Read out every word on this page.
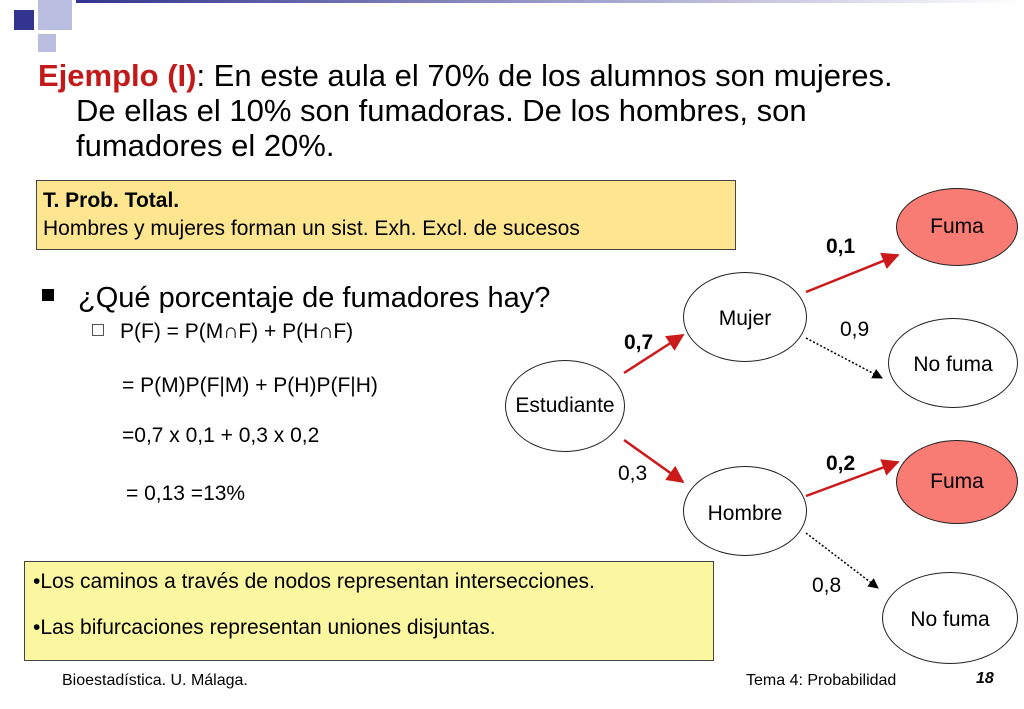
Ejemplo (I): En este aula el 70% de los alumnos son mujeres. De ellas el 10% son fumadoras. De los hombres, son fumadores el 20%.
T. Prob. Total.
Hombres y mujeres forman un sist. Exh. Excl. de sucesos
¿Qué porcentaje de fumadores hay?
P(F) = P(M∩F) + P(H∩F)
= P(M)P(F|M) + P(H)P(F|H)
=0,7 x 0,1 + 0,3 x 0,2
= 0,13 =13%
Estudiante
Mujer
Hombre
Fuma
No fuma
Fuma
No fuma
0,7
0,3
0,1
0,9
0,2
0,8
•Los caminos a través de nodos representan intersecciones.
•Las bifurcaciones representan uniones disjuntas.
Bioestadística. U. Málaga.	Tema 4: Probabilidad	18
